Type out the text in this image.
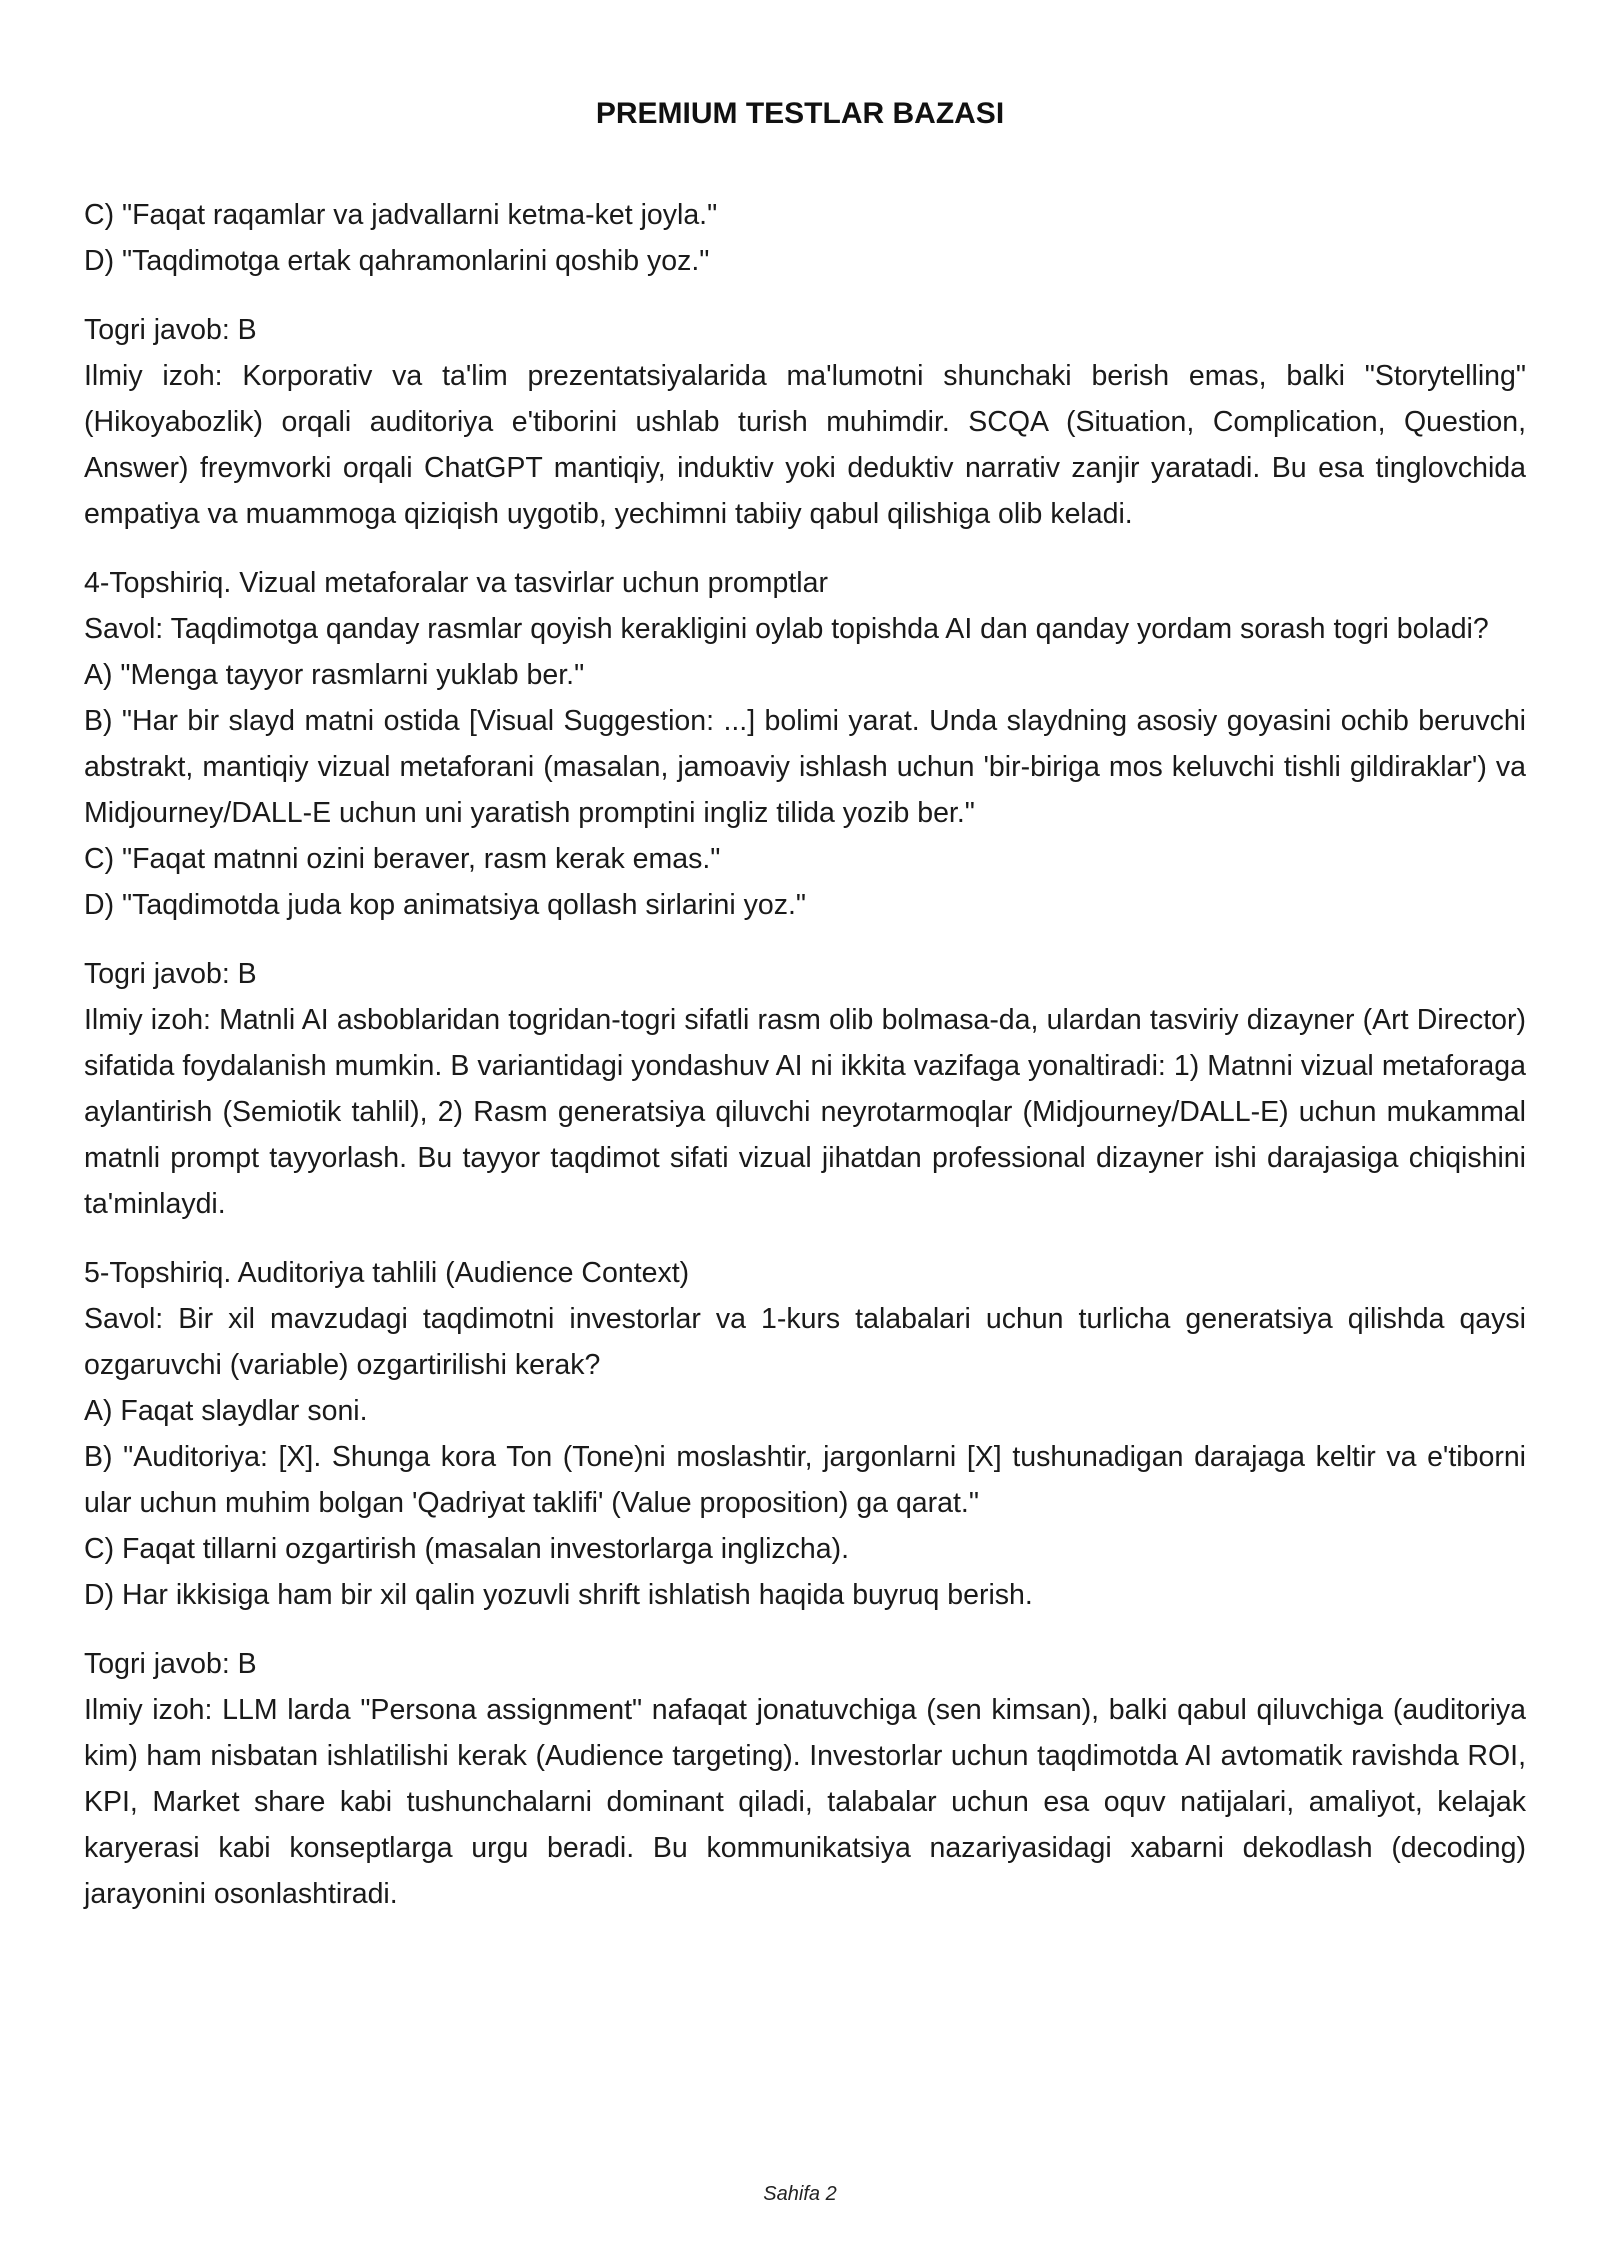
PREMIUM TESTLAR BAZASI

C) "Faqat raqamlar va jadvallarni ketma-ket joyla."

D) "Taqdimotga ertak qahramonlarini qoshib yoz."

Togri javob: B

Ilmiy izoh: Korporativ va ta'lim prezentatsiyalarida ma'lumotni shunchaki berish emas, balki "Storytelling" (Hikoyabozlik) orqali auditoriya e'tiborini ushlab turish muhimdir. SCQA (Situation, Complication, Question, Answer) freymvorki orqali ChatGPT mantiqiy, induktiv yoki deduktiv narrativ zanjir yaratadi. Bu esa tinglovchida empatiya va muammoga qiziqish uygotib, yechimni tabiiy qabul qilishiga olib keladi.

4-Topshiriq. Vizual metaforalar va tasvirlar uchun promptlar

Savol: Taqdimotga qanday rasmlar qoyish kerakligini oylab topishda AI dan qanday yordam sorash togri boladi?

A) "Menga tayyor rasmlarni yuklab ber."

B) "Har bir slayd matni ostida [Visual Suggestion: ...] bolimi yarat. Unda slaydning asosiy goyasini ochib beruvchi abstrakt, mantiqiy vizual metaforani (masalan, jamoaviy ishlash uchun 'bir-biriga mos keluvchi tishli gildiraklar') va Midjourney/DALL-E uchun uni yaratish promptini ingliz tilida yozib ber."

C) "Faqat matnni ozini beraver, rasm kerak emas."

D) "Taqdimotda juda kop animatsiya qollash sirlarini yoz."

Togri javob: B

Ilmiy izoh: Matnli AI asboblaridan togridan-togri sifatli rasm olib bolmasa-da, ulardan tasviriy dizayner (Art Director) sifatida foydalanish mumkin. B variantidagi yondashuv AI ni ikkita vazifaga yonaltiradi: 1) Matnni vizual metaforaga aylantirish (Semiotik tahlil), 2) Rasm generatsiya qiluvchi neyrotarmoqlar (Midjourney/DALL-E) uchun mukammal matnli prompt tayyorlash. Bu tayyor taqdimot sifati vizual jihatdan professional dizayner ishi darajasiga chiqishini ta'minlaydi.

5-Topshiriq. Auditoriya tahlili (Audience Context)

Savol: Bir xil mavzudagi taqdimotni investorlar va 1-kurs talabalari uchun turlicha generatsiya qilishda qaysi ozgaruvchi (variable) ozgartirilishi kerak?

A) Faqat slaydlar soni.

B) "Auditoriya: [X]. Shunga kora Ton (Tone)ni moslashtir, jargonlarni [X] tushunadigan darajaga keltir va e'tiborni ular uchun muhim bolgan 'Qadriyat taklifi' (Value proposition) ga qarat."

C) Faqat tillarni ozgartirish (masalan investorlarga inglizcha).

D) Har ikkisiga ham bir xil qalin yozuvli shrift ishlatish haqida buyruq berish.

Togri javob: B

Ilmiy izoh: LLM larda "Persona assignment" nafaqat jonatuvchiga (sen kimsan), balki qabul qiluvchiga (auditoriya kim) ham nisbatan ishlatilishi kerak (Audience targeting). Investorlar uchun taqdimotda AI avtomatik ravishda ROI, KPI, Market share kabi tushunchalarni dominant qiladi, talabalar uchun esa oquv natijalari, amaliyot, kelajak karyerasi kabi konseptlarga urgu beradi. Bu kommunikatsiya nazariyasidagi xabarni dekodlash (decoding) jarayonini osonlashtiradi.

Sahifa 2
